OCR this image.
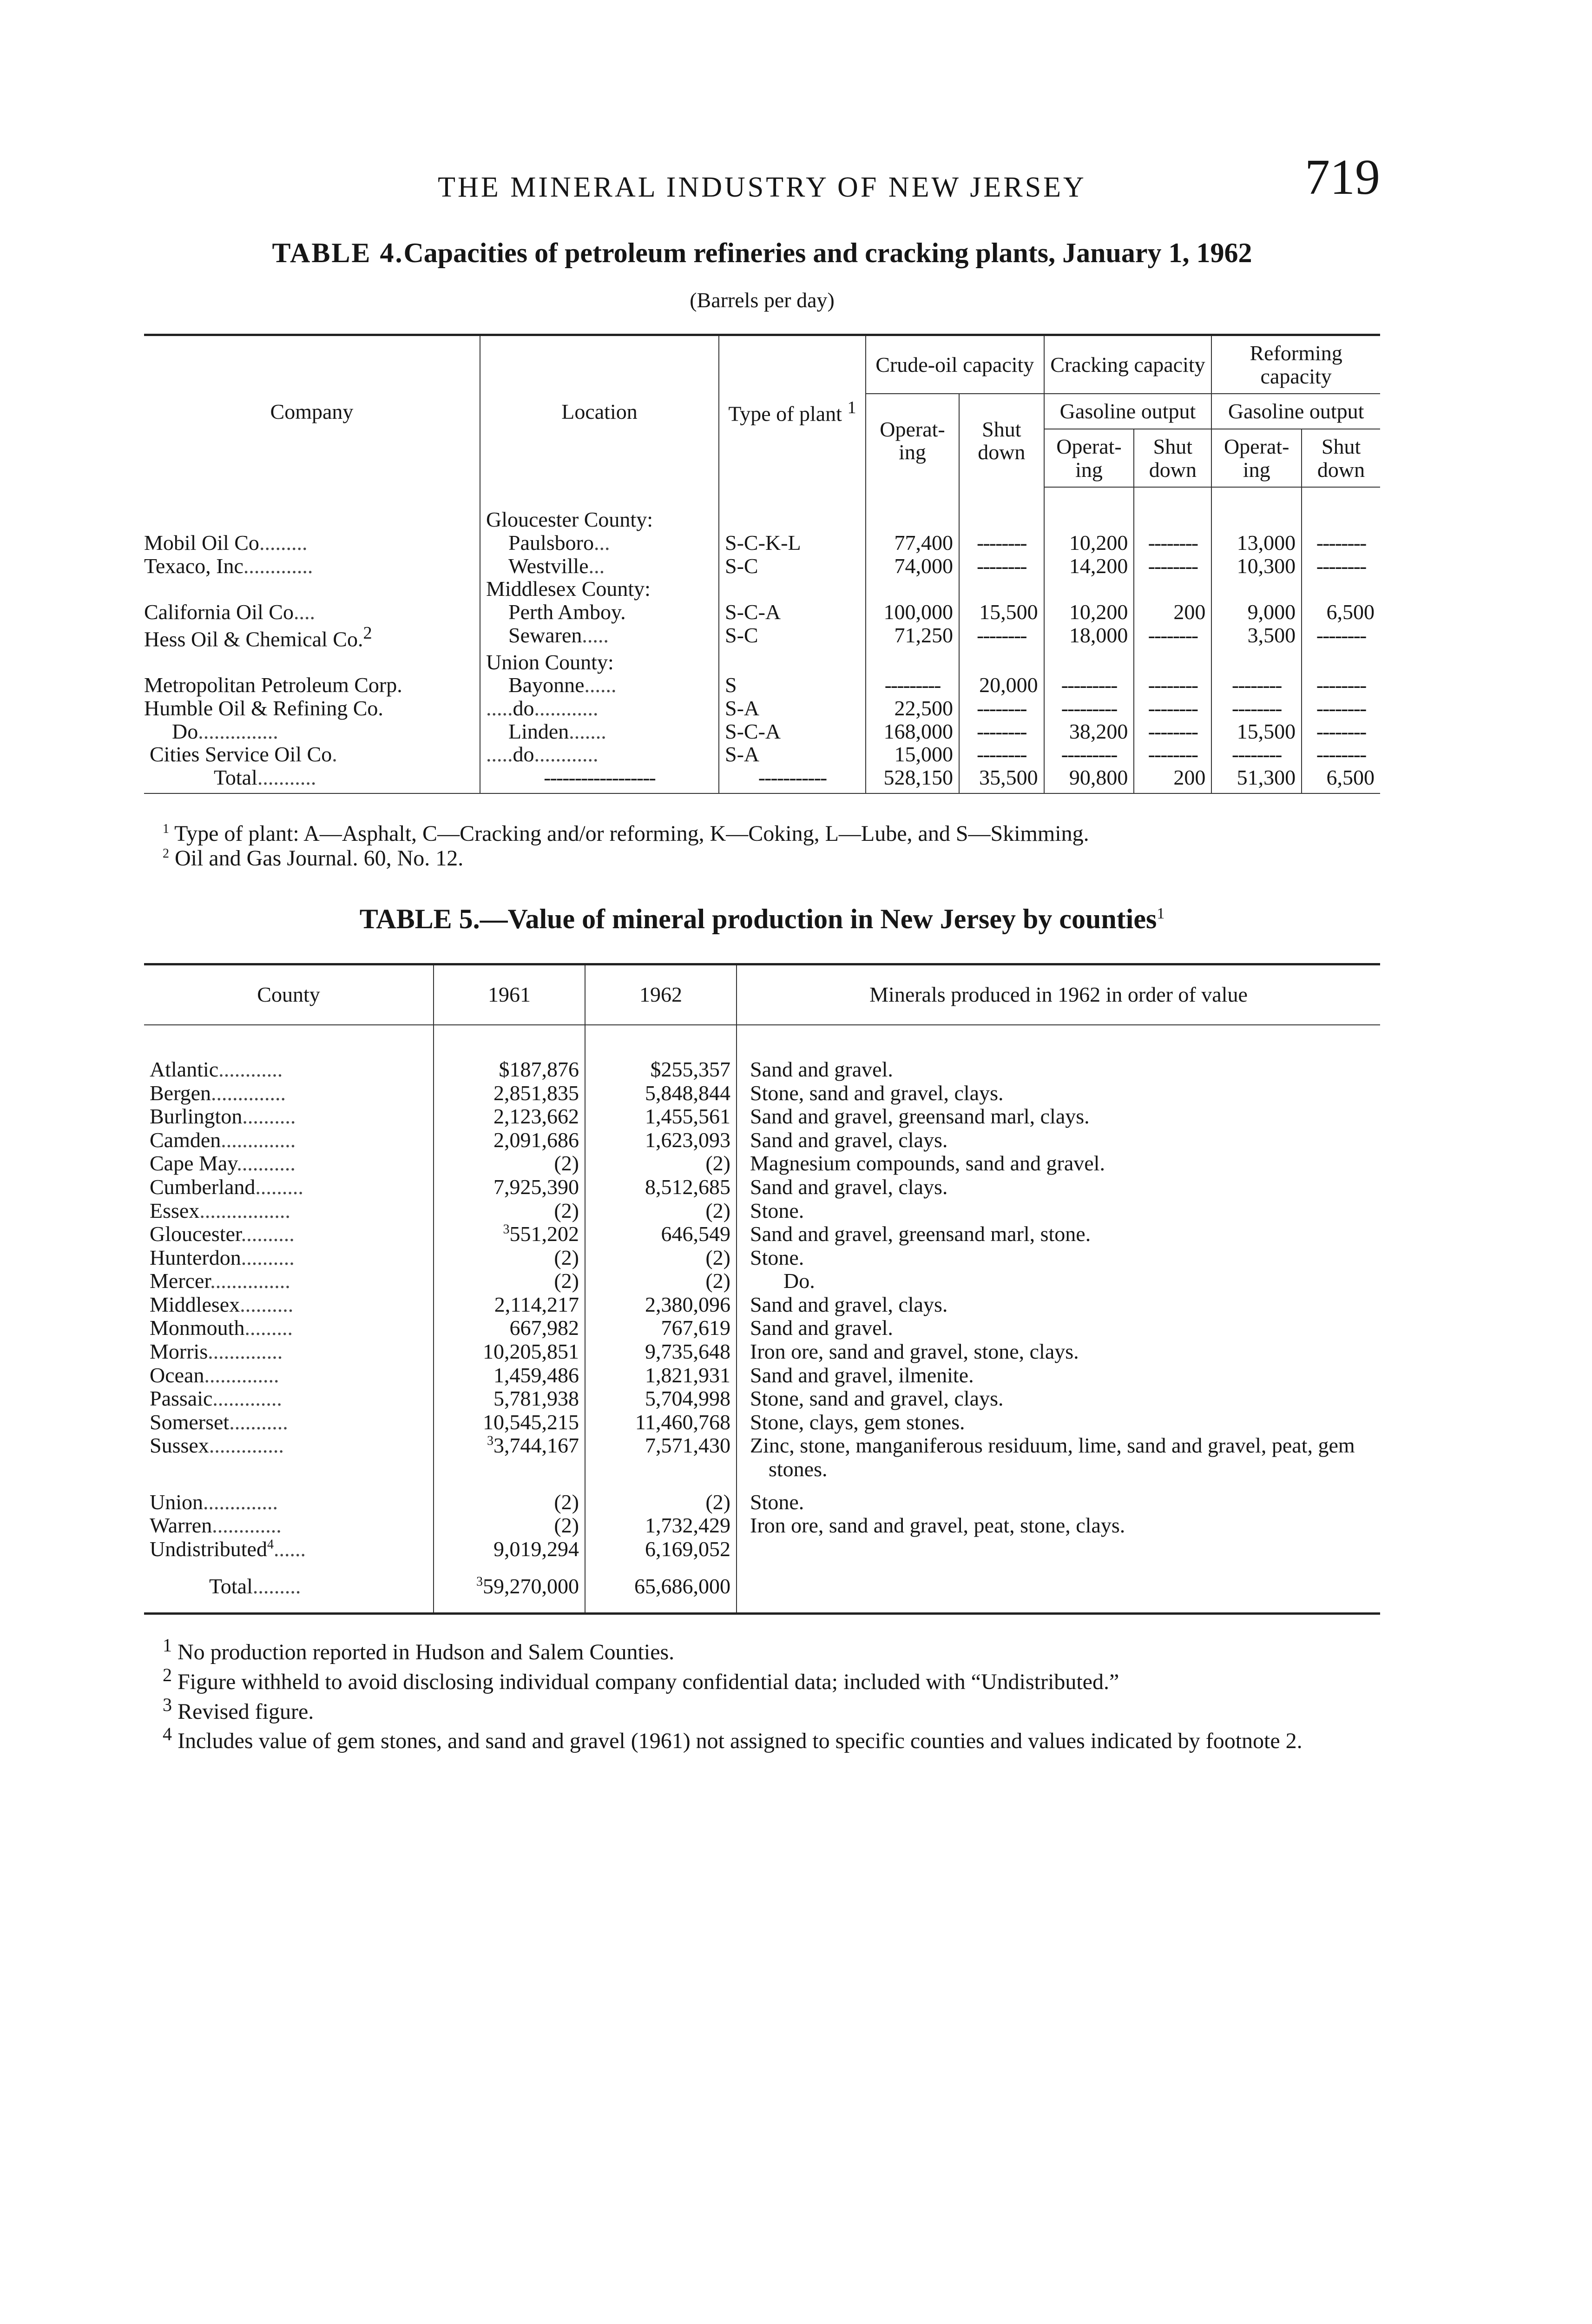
THE MINERAL INDUSTRY OF NEW JERSEY	719
TABLE 4.Capacities of petroleum refineries and cracking plants, January 1, 1962
(Barrels per day)
Company	Location	Type of plant $^1$	Crude-oil capacity		Cracking capacity		Reforming capacity	
			Operat- ing	Shut down	Gasoline output		Gasoline output	
					Operat- ing	Shut down	Operat- ing	Shut down

	Gloucester County:							
Mobil Oil Co.........	Paulsboro...	S-C-K-L	77,400	--------	10,200	--------	13,000	--------
Texaco, Inc.............	Westville...	S-C	74,000	--------	14,200	--------	10,300	--------
	Middlesex County:							
California Oil Co....	Perth Amboy.	S-C-A	100,000	15,500	10,200	200	9,000	6,500
Hess Oil & Chemical Co.$^2$	Sewaren.....	S-C	71,250	--------	18,000	--------	3,500	--------
	Union County:							
Metropolitan Petroleum Corp.	Bayonne......	S	---------	20,000	---------	--------	--------	--------
Humble Oil & Refining Co.	.....do............	S-A	22,500	--------	---------	--------	--------	--------
Do...............	Linden.......	S-C-A	168,000	--------	38,200	--------	15,500	--------
Cities Service Oil Co.	.....do............	S-A	15,000	--------	---------	--------	--------	--------
Total...........	------------------	-----------	528,150	35,500	90,800	200	51,300	6,500
$^1$ Type of plant: A—Asphalt, C—Cracking and/or reforming, K—Coking, L—Lube, and S—Skimming.
$^2$ Oil and Gas Journal. 60, No. 12.
TABLE 5.—Value of mineral production in New Jersey by counties$^1$
County	1961	1962	Minerals produced in 1962 in order of value
Atlantic............	$187,876	$255,357	Sand and gravel.
Bergen..............	2,851,835	5,848,844	Stone, sand and gravel, clays.
Burlington..........	2,123,662	1,455,561	Sand and gravel, greensand marl, clays.
Camden..............	2,091,686	1,623,093	Sand and gravel, clays.
Cape May...........	(2)	(2)	Magnesium compounds, sand and gravel.
Cumberland.........	7,925,390	8,512,685	Sand and gravel, clays.
Essex.................	(2)	(2)	Stone.
Gloucester..........	$^3$551,202	646,549	Sand and gravel, greensand marl, stone.
Hunterdon..........	(2)	(2)	Stone.
Mercer...............	(2)	(2)	Do.
Middlesex..........	2,114,217	2,380,096	Sand and gravel, clays.
Monmouth.........	667,982	767,619	Sand and gravel.
Morris..............	10,205,851	9,735,648	Iron ore, sand and gravel, stone, clays.
Ocean..............	1,459,486	1,821,931	Sand and gravel, ilmenite.
Passaic.............	5,781,938	5,704,998	Stone, sand and gravel, clays.
Somerset...........	10,545,215	11,460,768	Stone, clays, gem stones.
Sussex..............	$^3$3,744,167	7,571,430	Zinc, stone, manganiferous residuum, lime, sand and gravel, peat, gem stones.
Union..............	(2)	(2)	Stone.
Warren.............	(2)	1,732,429	Iron ore, sand and gravel, peat, stone, clays.
Undistributed$^4$......	9,019,294	6,169,052	
Total.........	$^3$59,270,000	65,686,000	
$^1$ No production reported in Hudson and Salem Counties.
$^2$ Figure withheld to avoid disclosing individual company confidential data; included with “Undistributed.”
$^3$ Revised figure.
$^4$ Includes value of gem stones, and sand and gravel (1961) not assigned to specific counties and values indicated by footnote 2.
